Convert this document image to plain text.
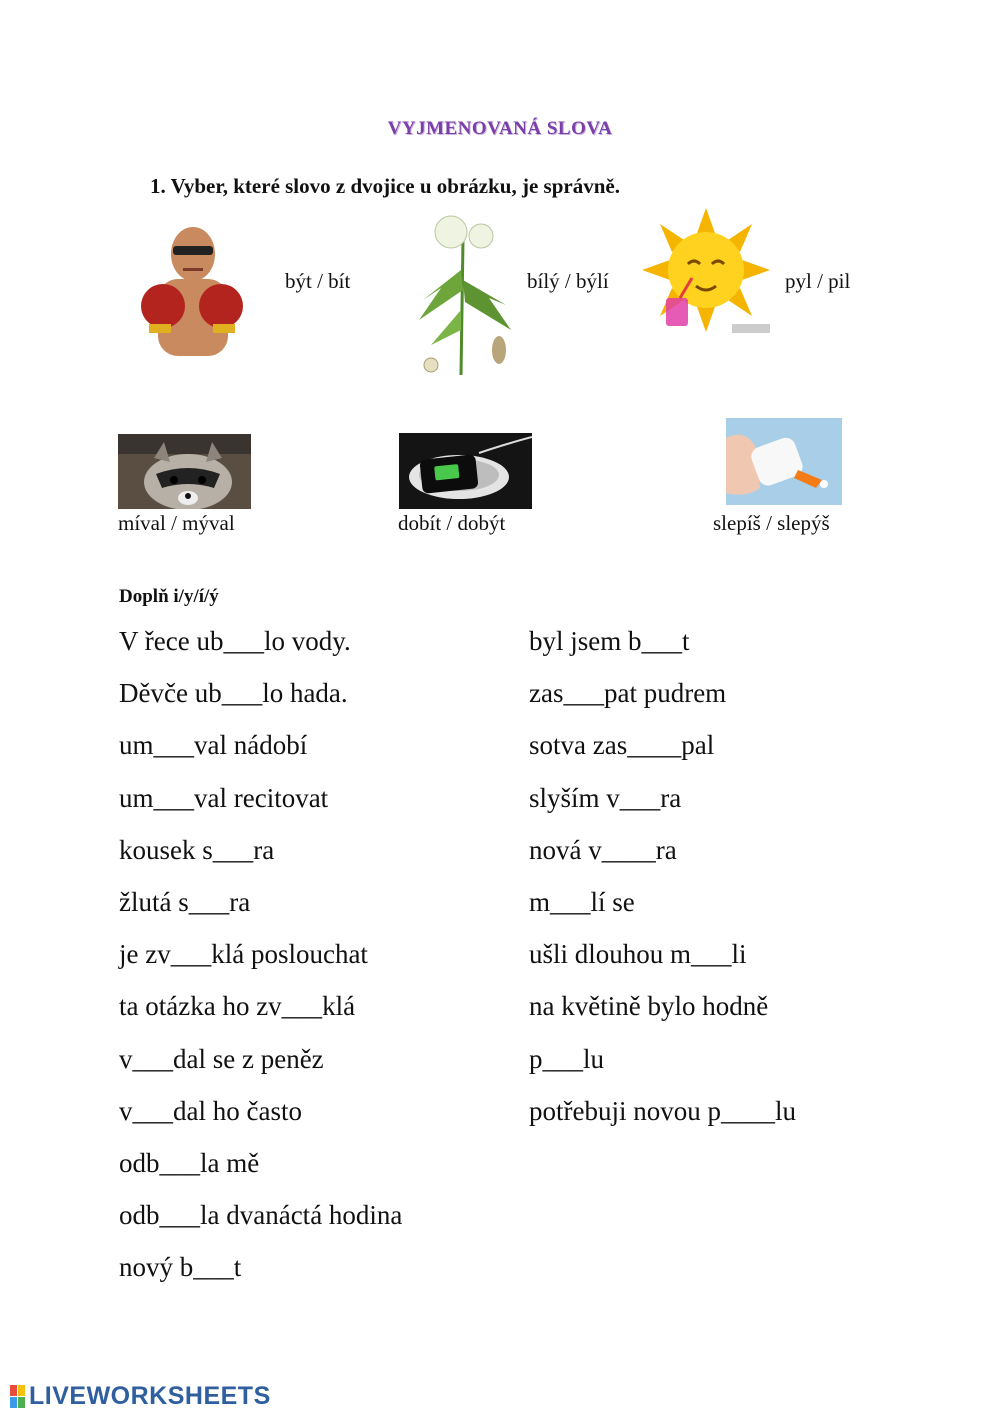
VYJMENOVANÁ SLOVA
1. Vyber, které slovo z dvojice u obrázku, je správně.
být / bít	bílý / býlí	pyl / pil
míval / mýval	dobít / dobýt	slepíš / slepýš
Doplň i/y/í/ý
V řece ub___lo vody.
Děvče ub___lo hada.
um___val nádobí
um___val recitovat
kousek s___ra
žlutá s___ra
je zv___klá poslouchat
ta otázka ho zv___klá
v___dal se z peněz
v___dal ho často
odb___la mě
odb___la dvanáctá hodina
nový b___t
byl jsem b___t
zas___pat pudrem
sotva zas____pal
slyším v___ra
nová v____ra
m___lí se
ušli dlouhou m___li
na květině bylo hodně
p___lu
potřebuji novou p____lu
LIVEWORKSHEETS
